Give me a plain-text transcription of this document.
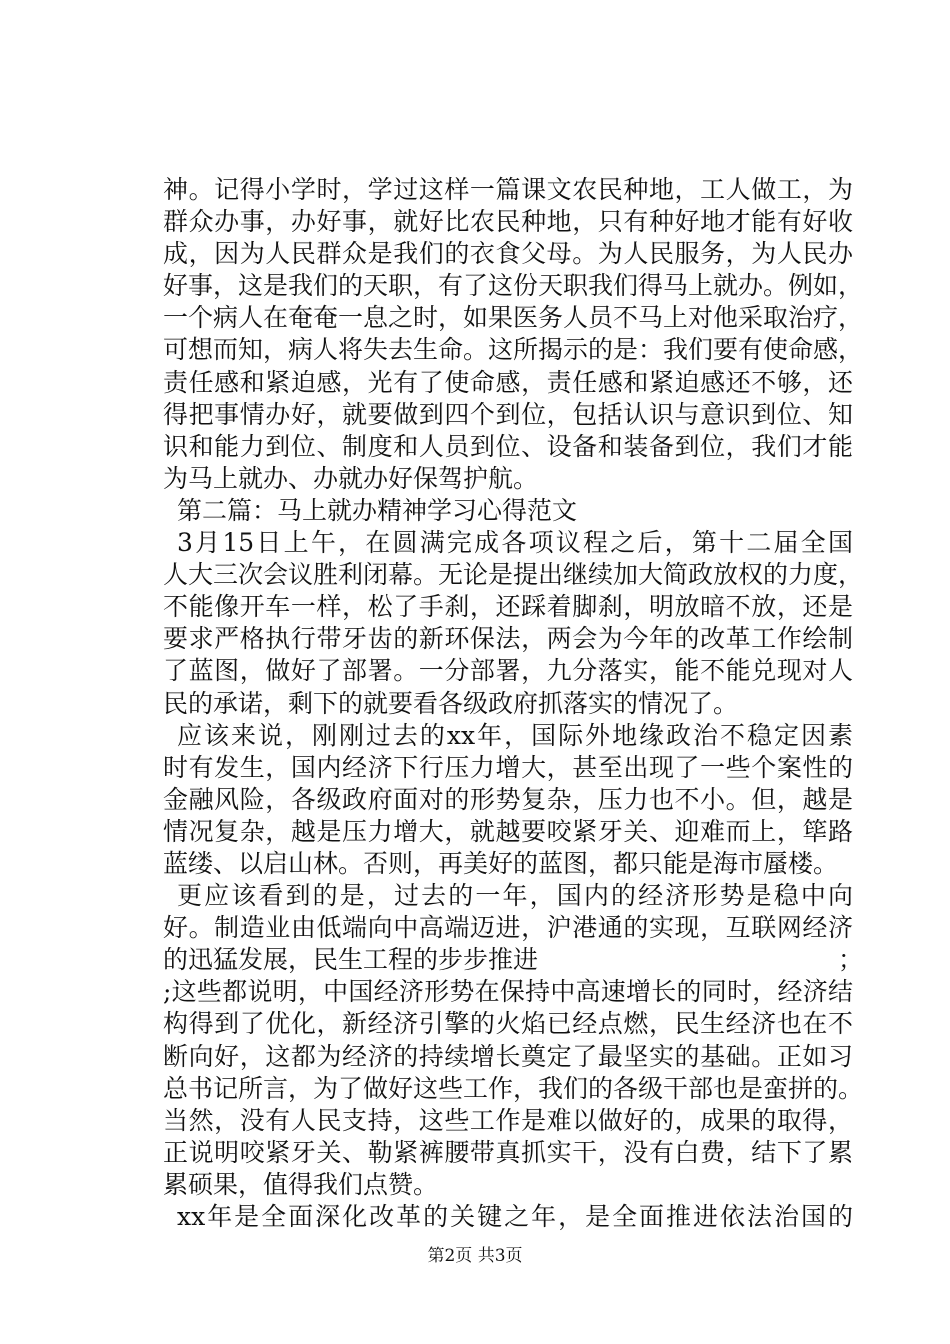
神。记得小学时，学过这样一篇课文农民种地，工人做工，为
群众办事，办好事，就好比农民种地，只有种好地才能有好收
成，因为人民群众是我们的衣食父母。为人民服务，为人民办
好事，这是我们的天职，有了这份天职我们得马上就办。例如，
一个病人在奄奄一息之时，如果医务人员不马上对他采取治疗，
可想而知，病人将失去生命。这所揭示的是：我们要有使命感，
责任感和紧迫感，光有了使命感，责任感和紧迫感还不够，还
得把事情办好，就要做到四个到位，包括认识与意识到位、知
识和能力到位、制度和人员到位、设备和装备到位，我们才能
为马上就办、办就办好保驾护航。
第二篇：马上就办精神学习心得范文
3月15日上午，在圆满完成各项议程之后，第十二届全国
人大三次会议胜利闭幕。无论是提出继续加大简政放权的力度，
不能像开车一样，松了手刹，还踩着脚刹，明放暗不放，还是
要求严格执行带牙齿的新环保法，两会为今年的改革工作绘制
了蓝图，做好了部署。一分部署，九分落实，能不能兑现对人
民的承诺，剩下的就要看各级政府抓落实的情况了。
应该来说，刚刚过去的xx年，国际外地缘政治不稳定因素
时有发生，国内经济下行压力增大，甚至出现了一些个案性的
金融风险，各级政府面对的形势复杂，压力也不小。但，越是
情况复杂，越是压力增大，就越要咬紧牙关、迎难而上，筚路
蓝缕、以启山林。否则，再美好的蓝图，都只能是海市蜃楼。
更应该看到的是，过去的一年，国内的经济形势是稳中向
好。制造业由低端向中高端迈进，沪港通的实现，互联网经济
的迅猛发展，民生工程的步步推进　　　　　　　　　　　　；
;这些都说明，中国经济形势在保持中高速增长的同时，经济结
构得到了优化，新经济引擎的火焰已经点燃，民生经济也在不
断向好，这都为经济的持续增长奠定了最坚实的基础。正如习
总书记所言，为了做好这些工作，我们的各级干部也是蛮拼的。
当然，没有人民支持，这些工作是难以做好的，成果的取得，
正说明咬紧牙关、勒紧裤腰带真抓实干，没有白费，结下了累
累硕果，值得我们点赞。
xx年是全面深化改革的关键之年，是全面推进依法治国的
第2页 共3页
